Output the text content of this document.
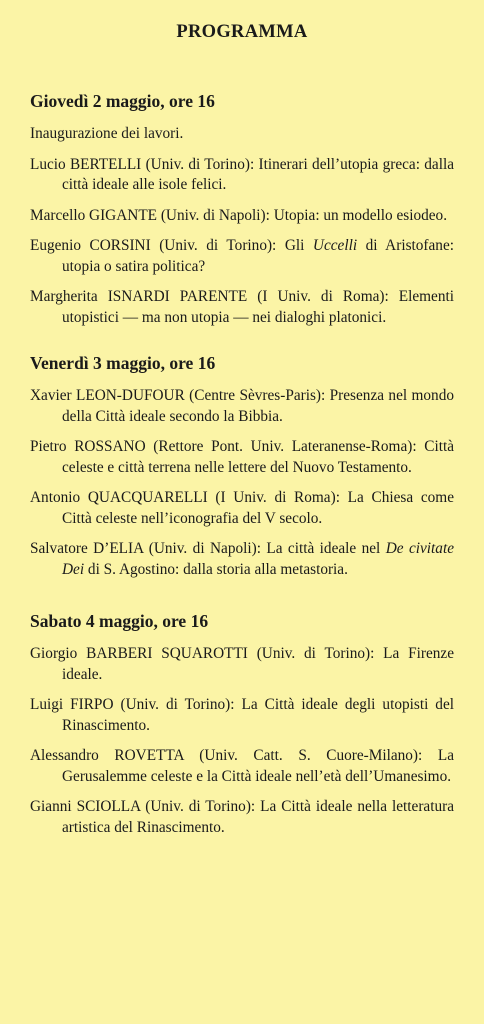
PROGRAMMA
Giovedì 2 maggio, ore 16

Inaugurazione dei lavori.

Lucio BERTELLI (Univ. di Torino): Itinerari dell’utopia greca: dalla città ideale alle isole felici.

Marcello GIGANTE (Univ. di Napoli): Utopia: un modello esiodeo.

Eugenio CORSINI (Univ. di Torino): Gli Uccelli di Aristofane: utopia o satira politica?

Margherita ISNARDI PARENTE (I Univ. di Roma): Elementi utopistici — ma non utopia — nei dialoghi platonici.

Venerdì 3 maggio, ore 16

Xavier LEON-DUFOUR (Centre Sèvres-Paris): Presenza nel mondo della Città ideale secondo la Bibbia.

Pietro ROSSANO (Rettore Pont. Univ. Lateranense-Roma): Città celeste e città terrena nelle lettere del Nuovo Testamento.

Antonio QUACQUARELLI (I Univ. di Roma): La Chiesa come Città celeste nell’iconografia del V secolo.

Salvatore D’ELIA (Univ. di Napoli): La città ideale nel De civitate Dei di S. Agostino: dalla storia alla metastoria.

Sabato 4 maggio, ore 16

Giorgio BARBERI SQUAROTTI (Univ. di Torino): La Firenze ideale.

Luigi FIRPO (Univ. di Torino): La Città ideale degli utopisti del Rinascimento.

Alessandro ROVETTA (Univ. Catt. S. Cuore-Milano): La Gerusalemme celeste e la Città ideale nell’età dell’Umanesimo.

Gianni SCIOLLA (Univ. di Torino): La Città ideale nella letteratura artistica del Rinascimento.
